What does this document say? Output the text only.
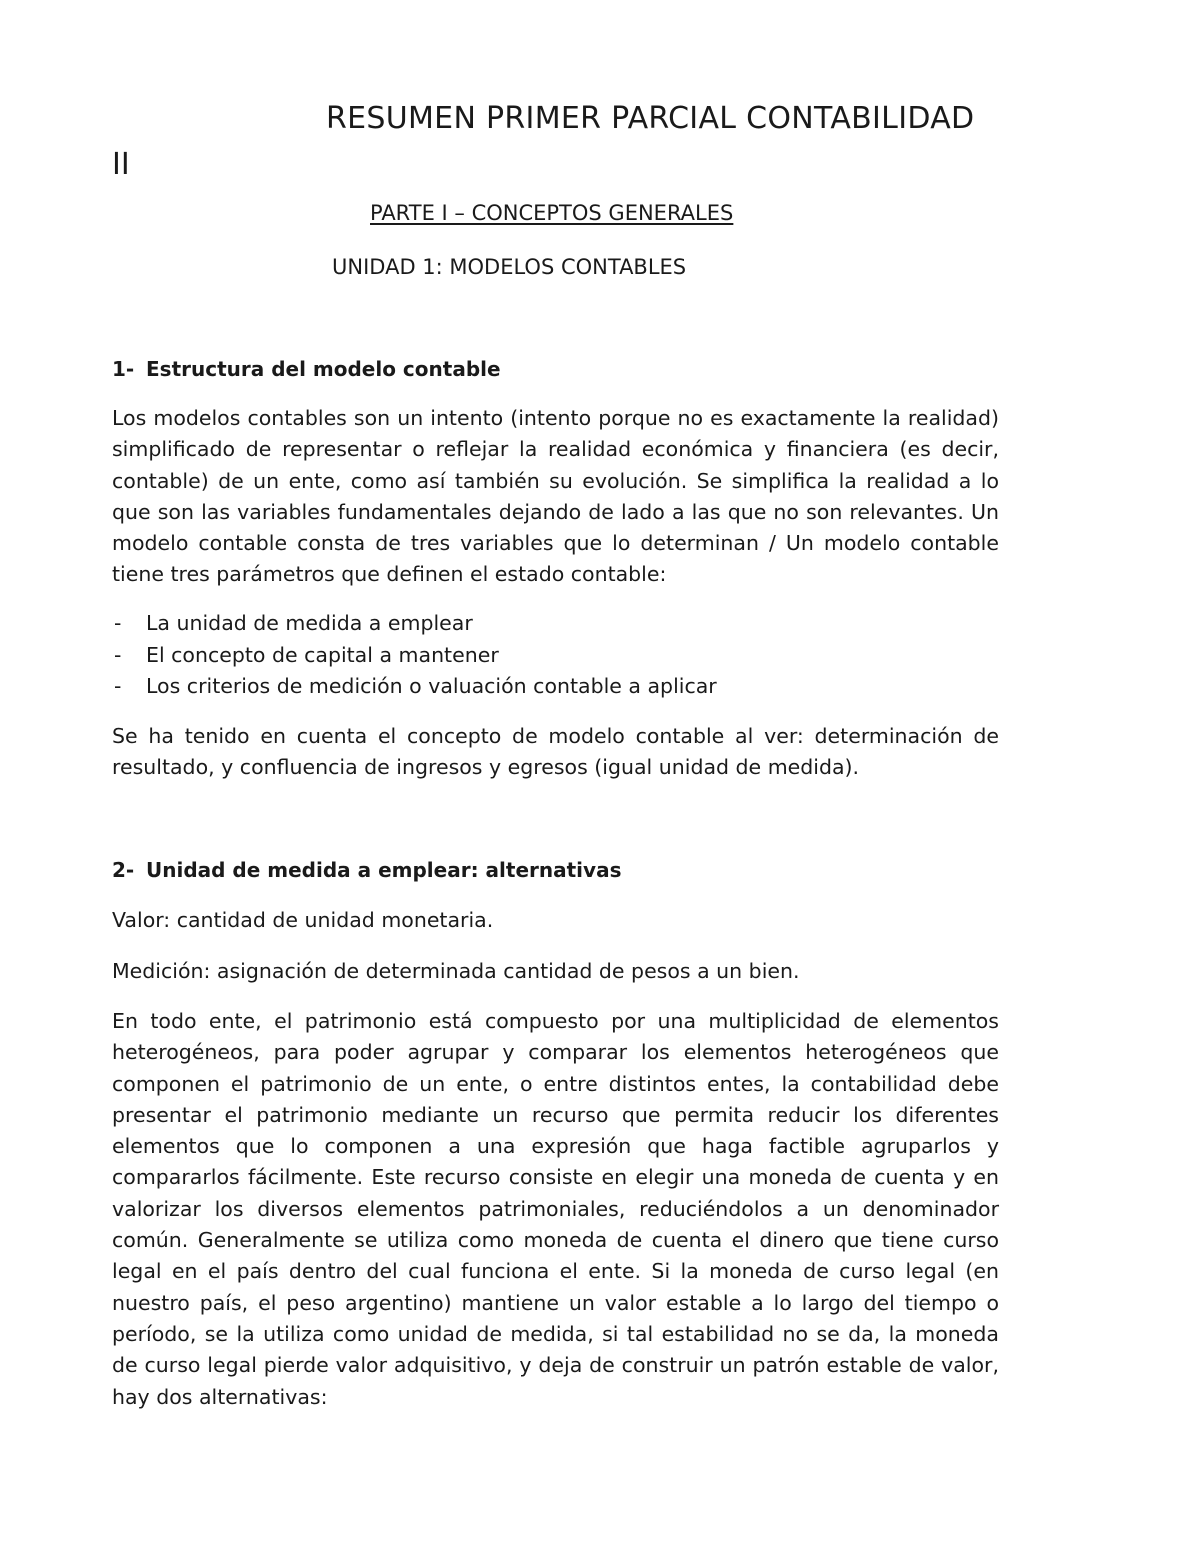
RESUMEN PRIMER PARCIAL CONTABILIDAD
II
PARTE I – CONCEPTOS GENERALES
UNIDAD 1: MODELOS CONTABLES
1- Estructura del modelo contable

Los modelos contables son un intento (intento porque no es exactamente la realidad) simplificado de representar o reflejar la realidad económica y financiera (es decir, contable) de un ente, como así también su evolución. Se simplifica la realidad a lo que son las variables fundamentales dejando de lado a las que no son relevantes. Un modelo contable consta de tres variables que lo determinan / Un modelo contable tiene tres parámetros que definen el estado contable:

- La unidad de medida a emplear
- El concepto de capital a mantener
- Los criterios de medición o valuación contable a aplicar

Se ha tenido en cuenta el concepto de modelo contable al ver: determinación de resultado, y confluencia de ingresos y egresos (igual unidad de medida).

2- Unidad de medida a emplear: alternativas

Valor: cantidad de unidad monetaria.

Medición: asignación de determinada cantidad de pesos a un bien.

En todo ente, el patrimonio está compuesto por una multiplicidad de elementos heterogéneos, para poder agrupar y comparar los elementos heterogéneos que componen el patrimonio de un ente, o entre distintos entes, la contabilidad debe presentar el patrimonio mediante un recurso que permita reducir los diferentes elementos que lo componen a una expresión que haga factible agruparlos y compararlos fácilmente. Este recurso consiste en elegir una moneda de cuenta y en valorizar los diversos elementos patrimoniales, reduciéndolos a un denominador común. Generalmente se utiliza como moneda de cuenta el dinero que tiene curso legal en el país dentro del cual funciona el ente. Si la moneda de curso legal (en nuestro país, el peso argentino) mantiene un valor estable a lo largo del tiempo o período, se la utiliza como unidad de medida, si tal estabilidad no se da, la moneda de curso legal pierde valor adquisitivo, y deja de construir un patrón estable de valor, hay dos alternativas:
